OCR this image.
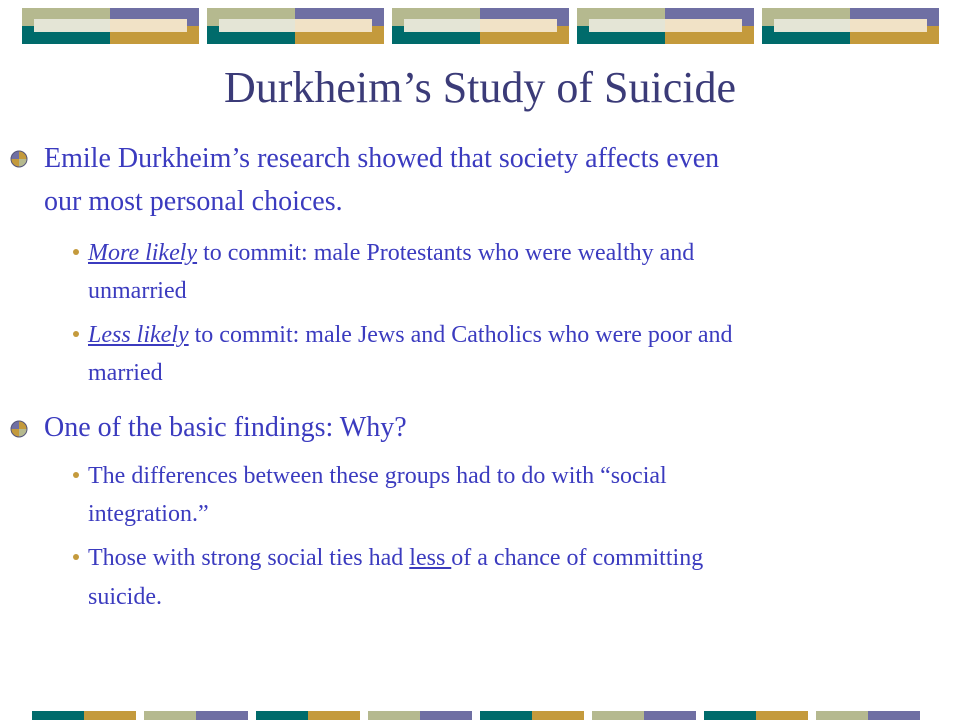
Durkheim’s Study of Suicide
Emile Durkheim’s research showed that society affects even
our most personal choices.
More likely to commit: male Protestants who were wealthy and
unmarried
Less likely to commit: male Jews and Catholics who were poor and
married
One of the basic findings: Why?
The differences between these groups had to do with “social
integration.”
Those with strong social ties had less of a chance of committing
suicide.
